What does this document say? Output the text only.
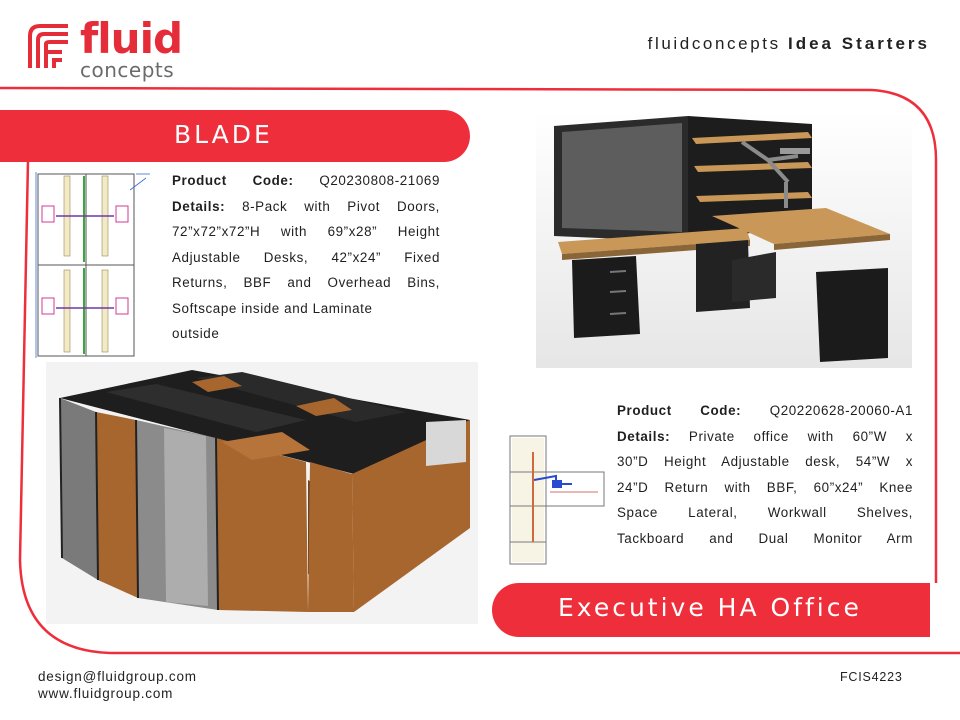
fluid
concepts
fluidconcepts Idea Starters
BLADE
Product Code: Q20230808-21069
Details: 8-Pack with Pivot Doors,
72”x72”x72”H with 69”x28” Height
Adjustable Desks, 42”x24” Fixed
Returns, BBF and Overhead Bins,
Softscape inside and Laminate
outside
Product Code: Q20220628-20060-A1
Details: Private office with 60”W x
30”D Height Adjustable desk, 54”W x
24”D Return with BBF, 60”x24” Knee
Space Lateral, Workwall Shelves,
Tackboard and Dual Monitor Arm
Executive HA Office
design@fluidgroup.com
www.fluidgroup.com
FCIS4223
